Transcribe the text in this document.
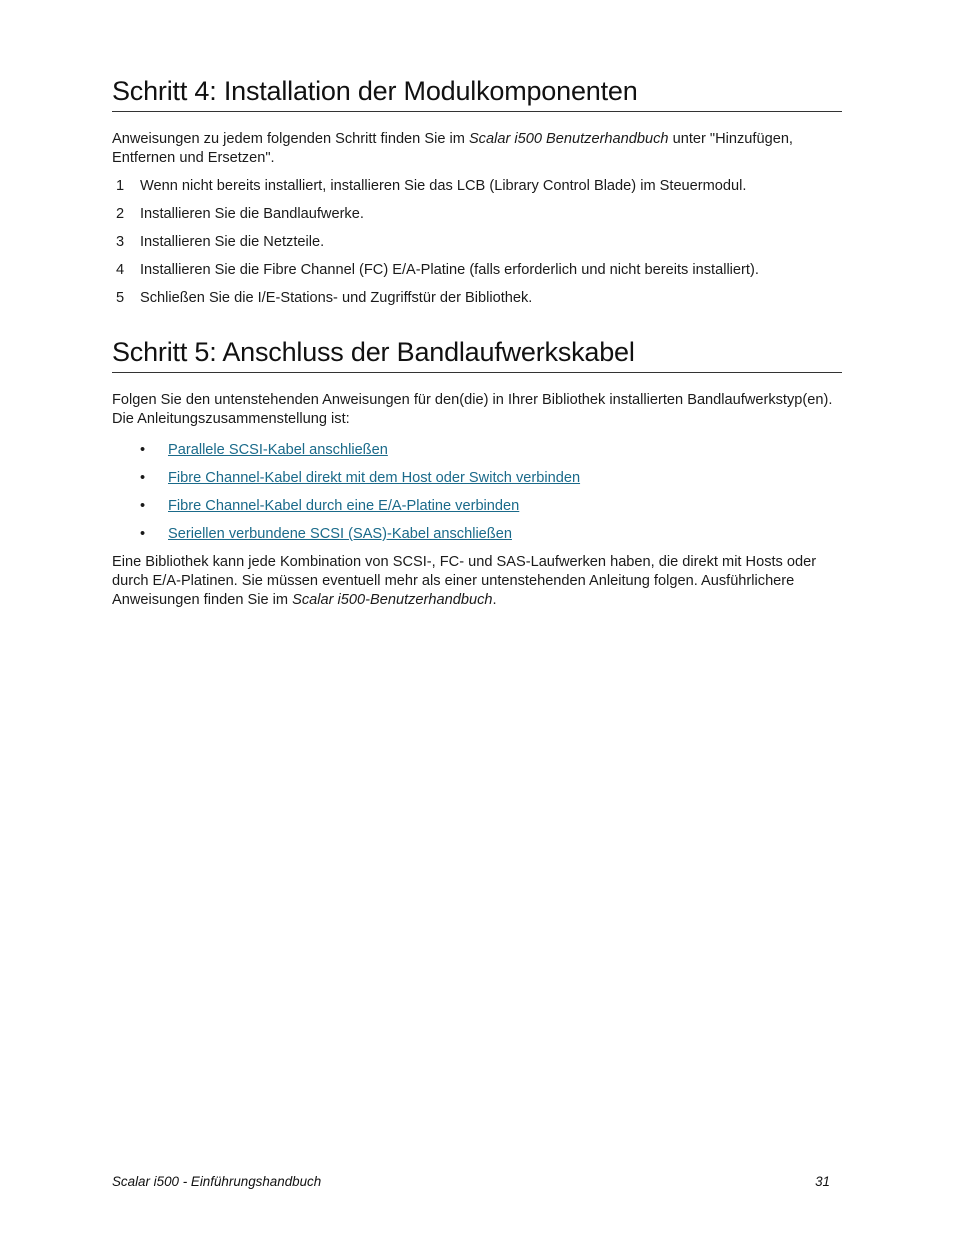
Schritt 4: Installation der Modulkomponenten

Anweisungen zu jedem folgenden Schritt finden Sie im Scalar i500 Benutzerhandbuch unter "Hinzufügen, Entfernen und Ersetzen".

1	Wenn nicht bereits installiert, installieren Sie das LCB (Library Control Blade) im Steuermodul.
2	Installieren Sie die Bandlaufwerke.
3	Installieren Sie die Netzteile.
4	Installieren Sie die Fibre Channel (FC) E/A-Platine (falls erforderlich und nicht bereits installiert).
5	Schließen Sie die I/E-Stations- und Zugriffstür der Bibliothek.
Schritt 5: Anschluss der Bandlaufwerkskabel

Folgen Sie den untenstehenden Anweisungen für den(die) in Ihrer Bibliothek installierten Bandlaufwerkstyp(en). Die Anleitungszusammenstellung ist:

• Parallele SCSI-Kabel anschließen
• Fibre Channel-Kabel direkt mit dem Host oder Switch verbinden
• Fibre Channel-Kabel durch eine E/A-Platine verbinden
• Seriellen verbundene SCSI (SAS)-Kabel anschließen

Eine Bibliothek kann jede Kombination von SCSI-, FC- und SAS-Laufwerken haben, die direkt mit Hosts oder durch E/A-Platinen. Sie müssen eventuell mehr als einer untenstehenden Anleitung folgen. Ausführlichere Anweisungen finden Sie im Scalar i500-Benutzerhandbuch.

Scalar i500 - Einführungshandbuch	31
